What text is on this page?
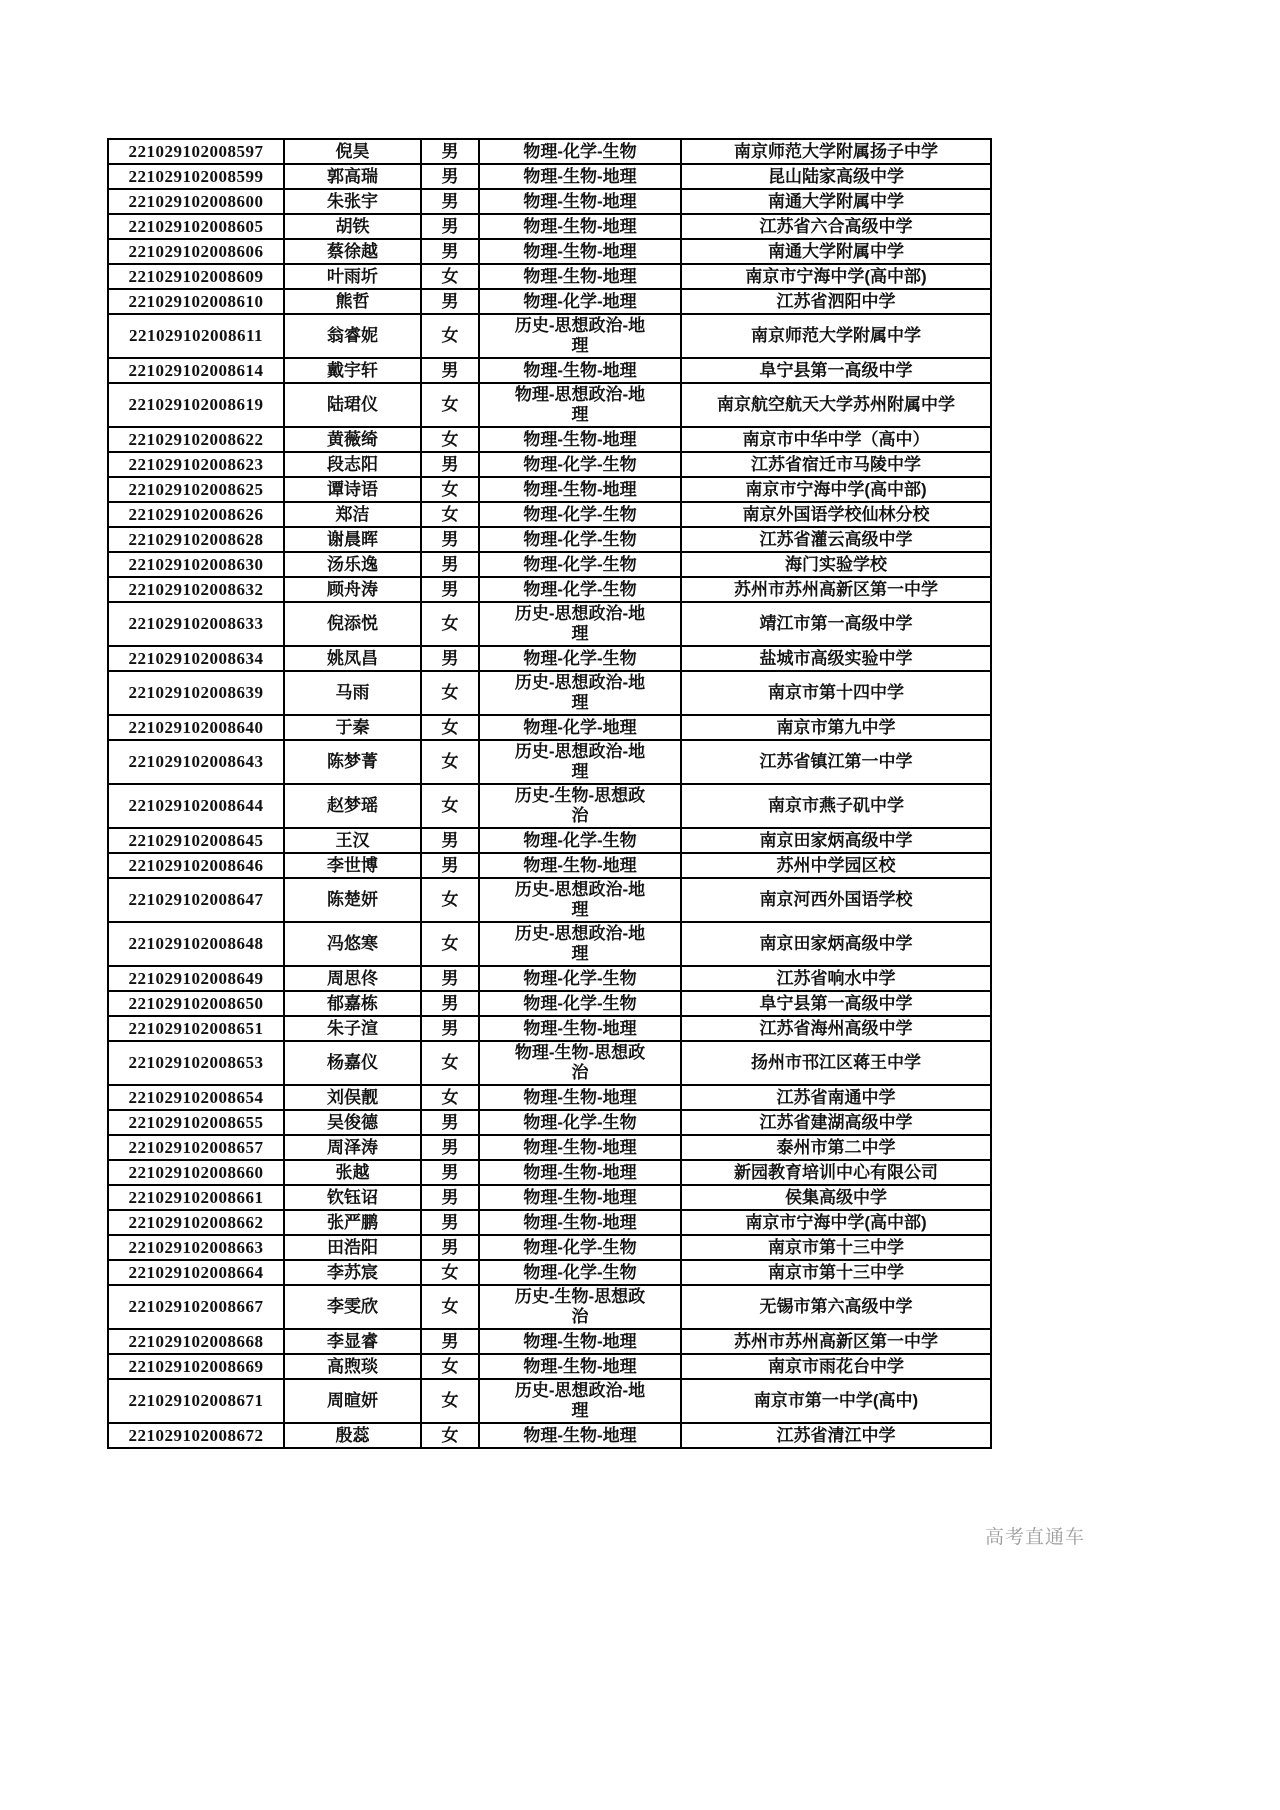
221029102008597	倪昊	男	物理-化学-生物	南京师范大学附属扬子中学
221029102008599	郭高瑞	男	物理-生物-地理	昆山陆家高级中学
221029102008600	朱张宇	男	物理-生物-地理	南通大学附属中学
221029102008605	胡铁	男	物理-生物-地理	江苏省六合高级中学
221029102008606	蔡徐越	男	物理-生物-地理	南通大学附属中学
221029102008609	叶雨圻	女	物理-生物-地理	南京市宁海中学(高中部)
221029102008610	熊哲	男	物理-化学-地理	江苏省泗阳中学
221029102008611	翁睿妮	女	历史-思想政治-地理	南京师范大学附属中学
221029102008614	戴宇轩	男	物理-生物-地理	阜宁县第一高级中学
221029102008619	陆珺仪	女	物理-思想政治-地理	南京航空航天大学苏州附属中学
221029102008622	黄薇绮	女	物理-生物-地理	南京市中华中学（高中）
221029102008623	段志阳	男	物理-化学-生物	江苏省宿迁市马陵中学
221029102008625	谭诗语	女	物理-生物-地理	南京市宁海中学(高中部)
221029102008626	郑洁	女	物理-化学-生物	南京外国语学校仙林分校
221029102008628	谢晨晖	男	物理-化学-生物	江苏省灌云高级中学
221029102008630	汤乐逸	男	物理-化学-生物	海门实验学校
221029102008632	顾舟涛	男	物理-化学-生物	苏州市苏州高新区第一中学
221029102008633	倪添悦	女	历史-思想政治-地理	靖江市第一高级中学
221029102008634	姚凤昌	男	物理-化学-生物	盐城市高级实验中学
221029102008639	马雨	女	历史-思想政治-地理	南京市第十四中学
221029102008640	于秦	女	物理-化学-地理	南京市第九中学
221029102008643	陈梦菁	女	历史-思想政治-地理	江苏省镇江第一中学
221029102008644	赵梦瑶	女	历史-生物-思想政治	南京市燕子矶中学
221029102008645	王汉	男	物理-化学-生物	南京田家炳高级中学
221029102008646	李世博	男	物理-生物-地理	苏州中学园区校
221029102008647	陈楚妍	女	历史-思想政治-地理	南京河西外国语学校
221029102008648	冯悠寒	女	历史-思想政治-地理	南京田家炳高级中学
221029102008649	周思佟	男	物理-化学-生物	江苏省响水中学
221029102008650	郁嘉栋	男	物理-化学-生物	阜宁县第一高级中学
221029102008651	朱子渲	男	物理-生物-地理	江苏省海州高级中学
221029102008653	杨嘉仪	女	物理-生物-思想政治	扬州市邗江区蒋王中学
221029102008654	刘俣靓	女	物理-生物-地理	江苏省南通中学
221029102008655	吴俊德	男	物理-化学-生物	江苏省建湖高级中学
221029102008657	周泽涛	男	物理-生物-地理	泰州市第二中学
221029102008660	张越	男	物理-生物-地理	新园教育培训中心有限公司
221029102008661	钦钰诏	男	物理-生物-地理	侯集高级中学
221029102008662	张严鹏	男	物理-生物-地理	南京市宁海中学(高中部)
221029102008663	田浩阳	男	物理-化学-生物	南京市第十三中学
221029102008664	李苏宸	女	物理-化学-生物	南京市第十三中学
221029102008667	李雯欣	女	历史-生物-思想政治	无锡市第六高级中学
221029102008668	李显睿	男	物理-生物-地理	苏州市苏州高新区第一中学
221029102008669	高煦琰	女	物理-生物-地理	南京市雨花台中学
221029102008671	周暄妍	女	历史-思想政治-地理	南京市第一中学(高中)
221029102008672	殷蕊	女	物理-生物-地理	江苏省清江中学
高考直通车
